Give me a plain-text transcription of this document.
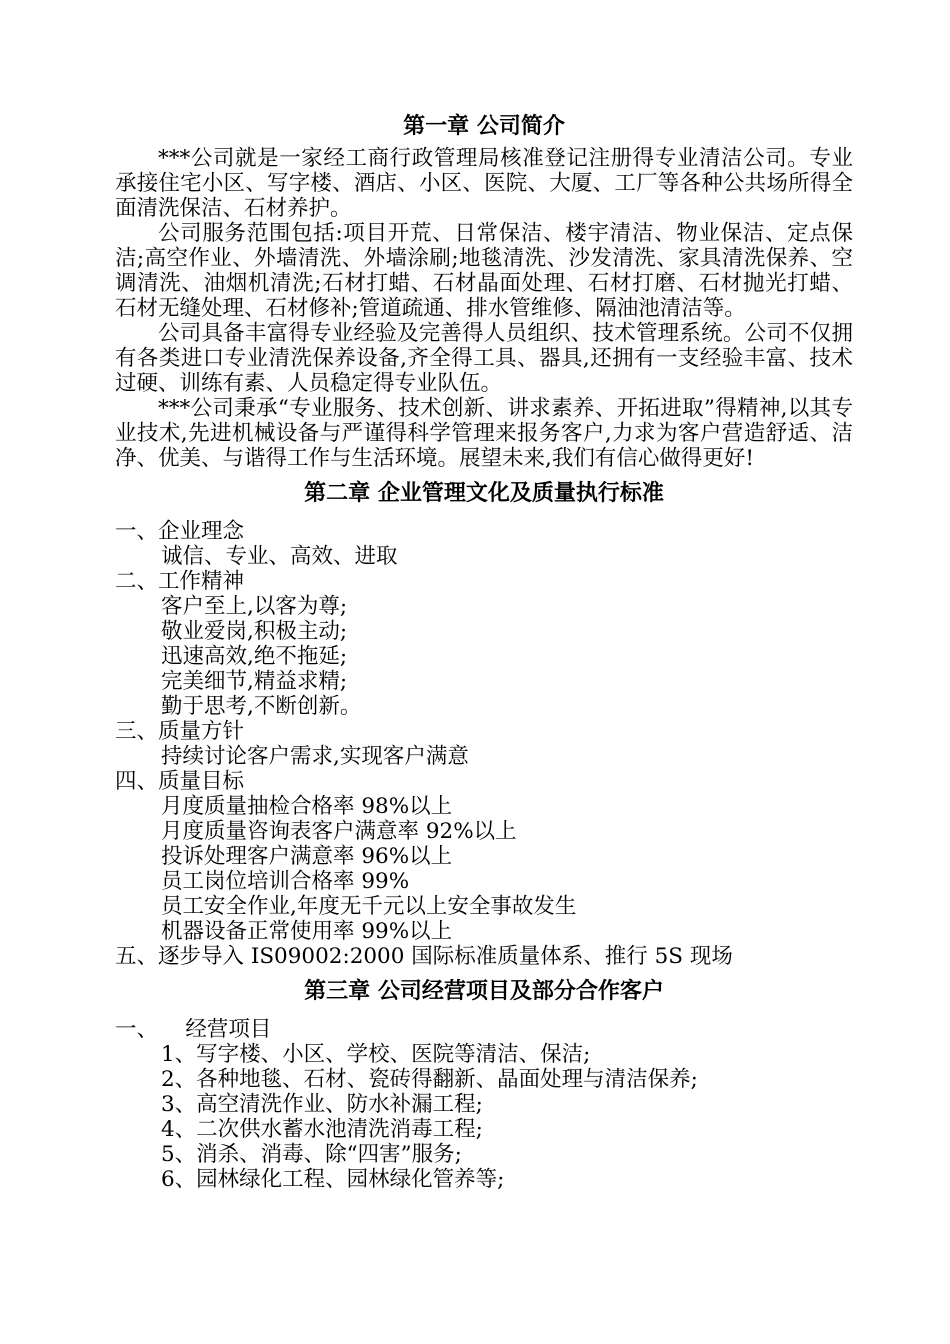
第一章 公司简介

***公司就是一家经工商行政管理局核准登记注册得专业清洁公司。专业承接住宅小区、写字楼、酒店、小区、医院、大厦、工厂等各种公共场所得全面清洗保洁、石材养护。

公司服务范围包括:项目开荒、日常保洁、楼宇清洁、物业保洁、定点保洁;高空作业、外墙清洗、外墙涂刷;地毯清洗、沙发清洗、家具清洗保养、空调清洗、油烟机清洗;石材打蜡、石材晶面处理、石材打磨、石材抛光打蜡、石材无缝处理、石材修补;管道疏通、排水管维修、隔油池清洁等。

公司具备丰富得专业经验及完善得人员组织、技术管理系统。公司不仅拥有各类进口专业清洗保养设备,齐全得工具、器具,还拥有一支经验丰富、技术过硬、训练有素、人员稳定得专业队伍。

***公司秉承“专业服务、技术创新、讲求素养、开拓进取”得精神,以其专业技术,先进机械设备与严谨得科学管理来报务客户,力求为客户营造舒适、洁净、优美、与谐得工作与生活环境。展望未来,我们有信心做得更好!

第二章 企业管理文化及质量执行标准

一、企业理念

诚信、专业、高效、进取

二、工作精神

客户至上,以客为尊;

敬业爱岗,积极主动;

迅速高效,绝不拖延;

完美细节,精益求精;

勤于思考,不断创新。

三、质量方针

持续讨论客户需求,实现客户满意

四、质量目标

月度质量抽检合格率 98%以上

月度质量咨询表客户满意率 92%以上

投诉处理客户满意率 96%以上

员工岗位培训合格率 99%

员工安全作业,年度无千元以上安全事故发生

机器设备正常使用率 99%以上

五、逐步导入 IS09002:2000 国际标准质量体系、推行 5S 现场

第三章 公司经营项目及部分合作客户

一、    经营项目

1、写字楼、小区、学校、医院等清洁、保洁;

2、各种地毯、石材、瓷砖得翻新、晶面处理与清洁保养;

3、高空清洗作业、防水补漏工程;

4、二次供水蓄水池清洗消毒工程;

5、消杀、消毒、除“四害”服务;

6、园林绿化工程、园林绿化管养等;
